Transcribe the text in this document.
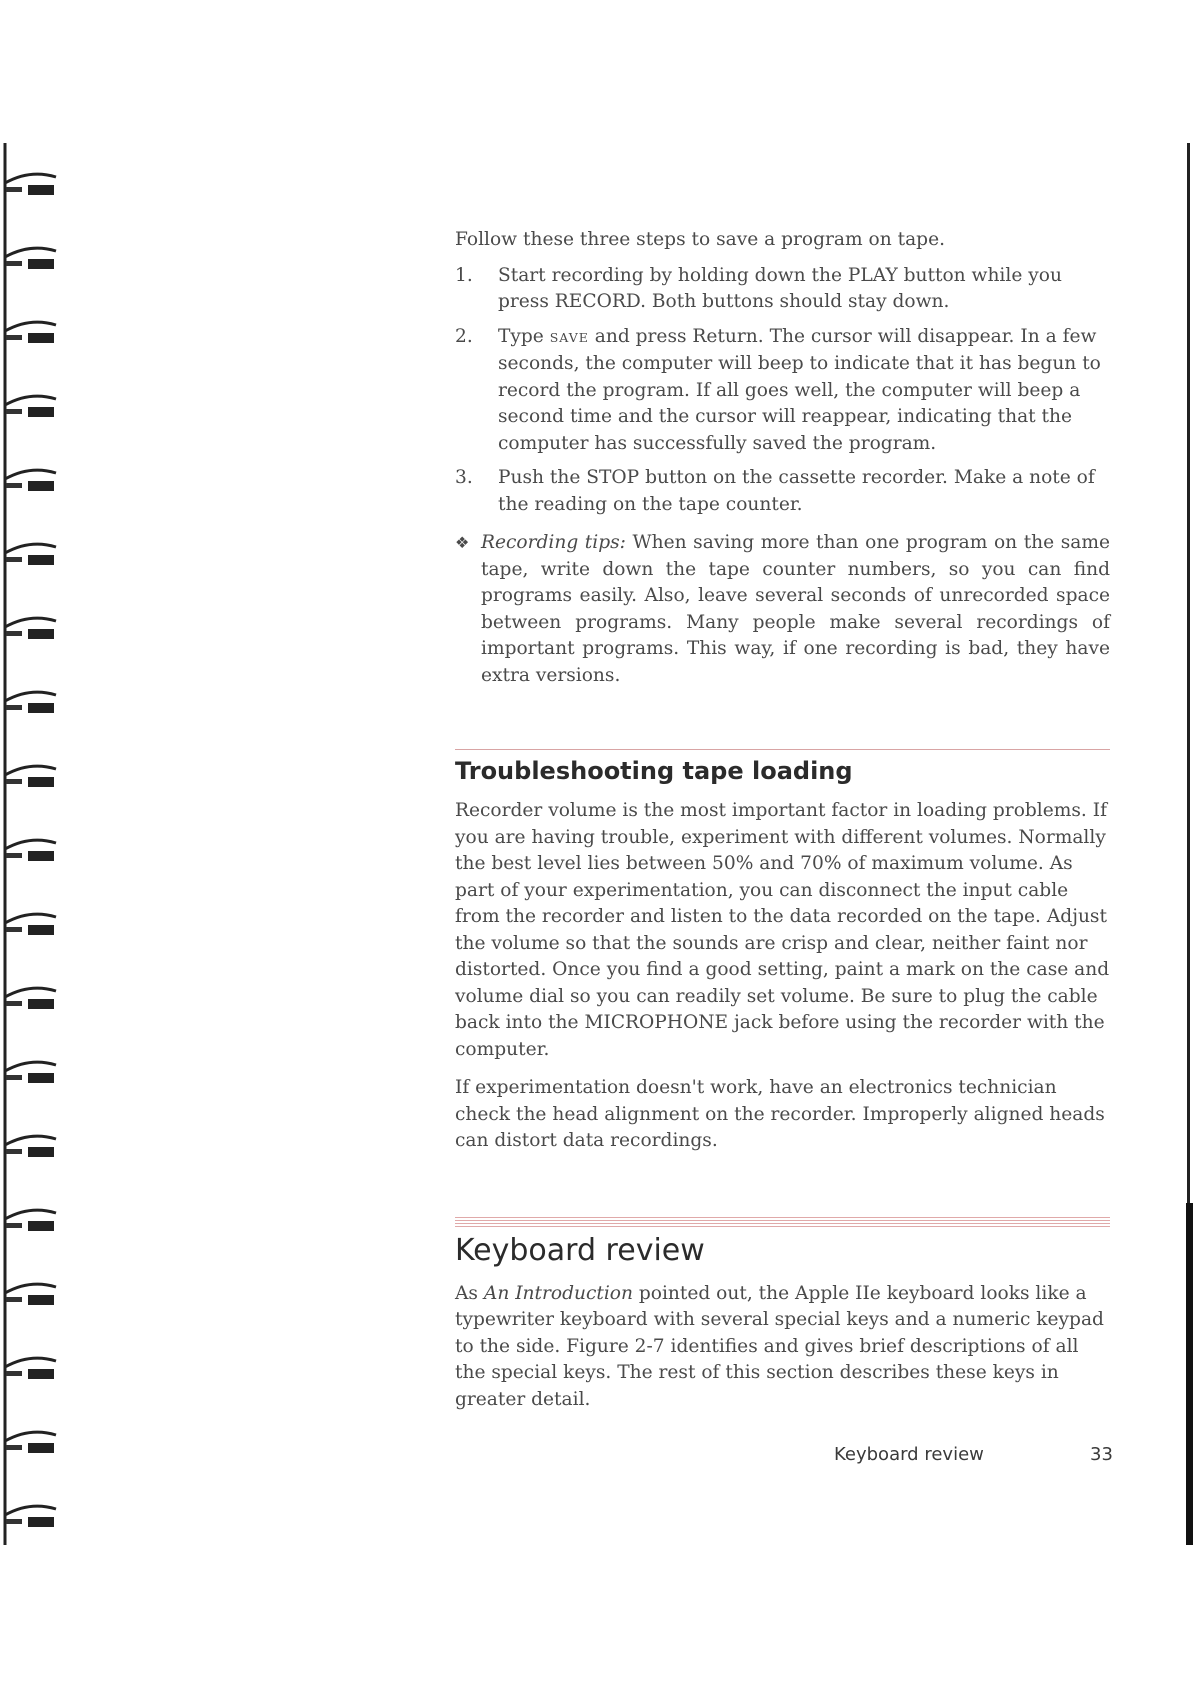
Follow these three steps to save a program on tape.

1. Start recording by holding down the PLAY button while you press RECORD. Both buttons should stay down.
2. Type SAVE and press Return. The cursor will disappear. In a few seconds, the computer will beep to indicate that it has begun to record the program. If all goes well, the computer will beep a second time and the cursor will reappear, indicating that the computer has successfully saved the program.
3. Push the STOP button on the cassette recorder. Make a note of the reading on the tape counter.

❖ Recording tips: When saving more than one program on the same tape, write down the tape counter numbers, so you can find programs easily. Also, leave several seconds of unrecorded space between programs. Many people make several recordings of important programs. This way, if one recording is bad, they have extra versions.

Troubleshooting tape loading

Recorder volume is the most important factor in loading problems. If you are having trouble, experiment with different volumes. Normally the best level lies between 50% and 70% of maximum volume. As part of your experimentation, you can disconnect the input cable from the recorder and listen to the data recorded on the tape. Adjust the volume so that the sounds are crisp and clear, neither faint nor distorted. Once you find a good setting, paint a mark on the case and volume dial so you can readily set volume. Be sure to plug the cable back into the MICROPHONE jack before using the recorder with the computer.

If experimentation doesn't work, have an electronics technician check the head alignment on the recorder. Improperly aligned heads can distort data recordings.

Keyboard review

As An Introduction pointed out, the Apple IIe keyboard looks like a typewriter keyboard with several special keys and a numeric keypad to the side. Figure 2-7 identifies and gives brief descriptions of all the special keys. The rest of this section describes these keys in greater detail.

Keyboard review	33
